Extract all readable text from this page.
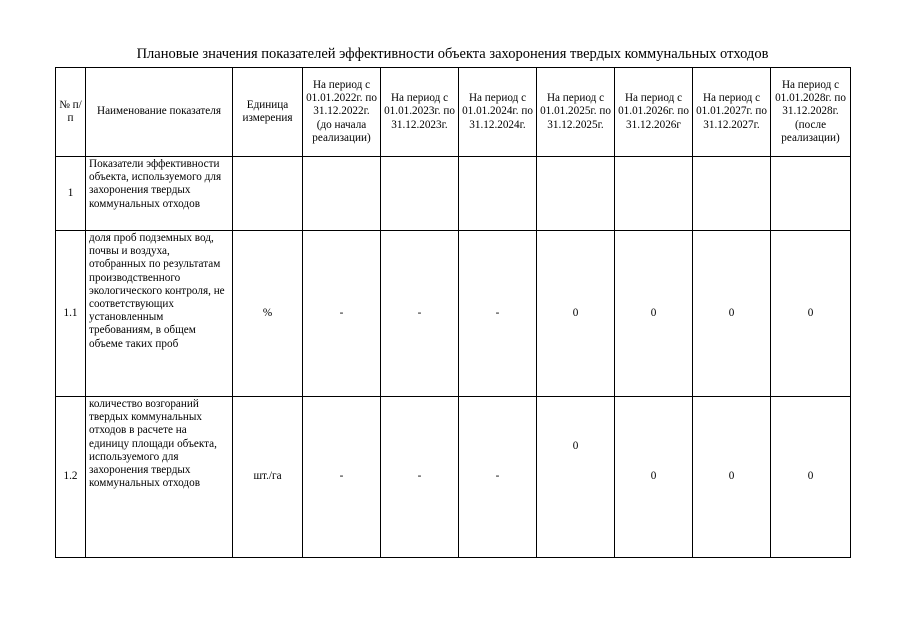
Плановые значения показателей эффективности объекта захоронения твердых коммунальных отходов
№ п/п	Наименование показателя	Единица измерения	На период с 01.01.2022г. по 31.12.2022г. (до начала реализации)	На период с 01.01.2023г. по 31.12.2023г.	На период с 01.01.2024г. по 31.12.2024г.	На период с 01.01.2025г. по 31.12.2025г.	На период с 01.01.2026г. по 31.12.2026г	На период с 01.01.2027г. по 31.12.2027г.	На период с 01.01.2028г. по 31.12.2028г. (после реализации)
1	Показатели эффективности объекта, используемого для захоронения твердых коммунальных отходов								
1.1	доля проб подземных вод, почвы и воздуха, отобранных по результатам производственного экологического контроля, не соответствующих установленным требованиям, в общем объеме таких проб	%	-	-	-	0	0	0	0
1.2	количество возгораний твердых коммунальных отходов в расчете на единицу площади объекта, используемого для захоронения твердых коммунальных отходов	шт./га	-	-	-	0	0	0	0
